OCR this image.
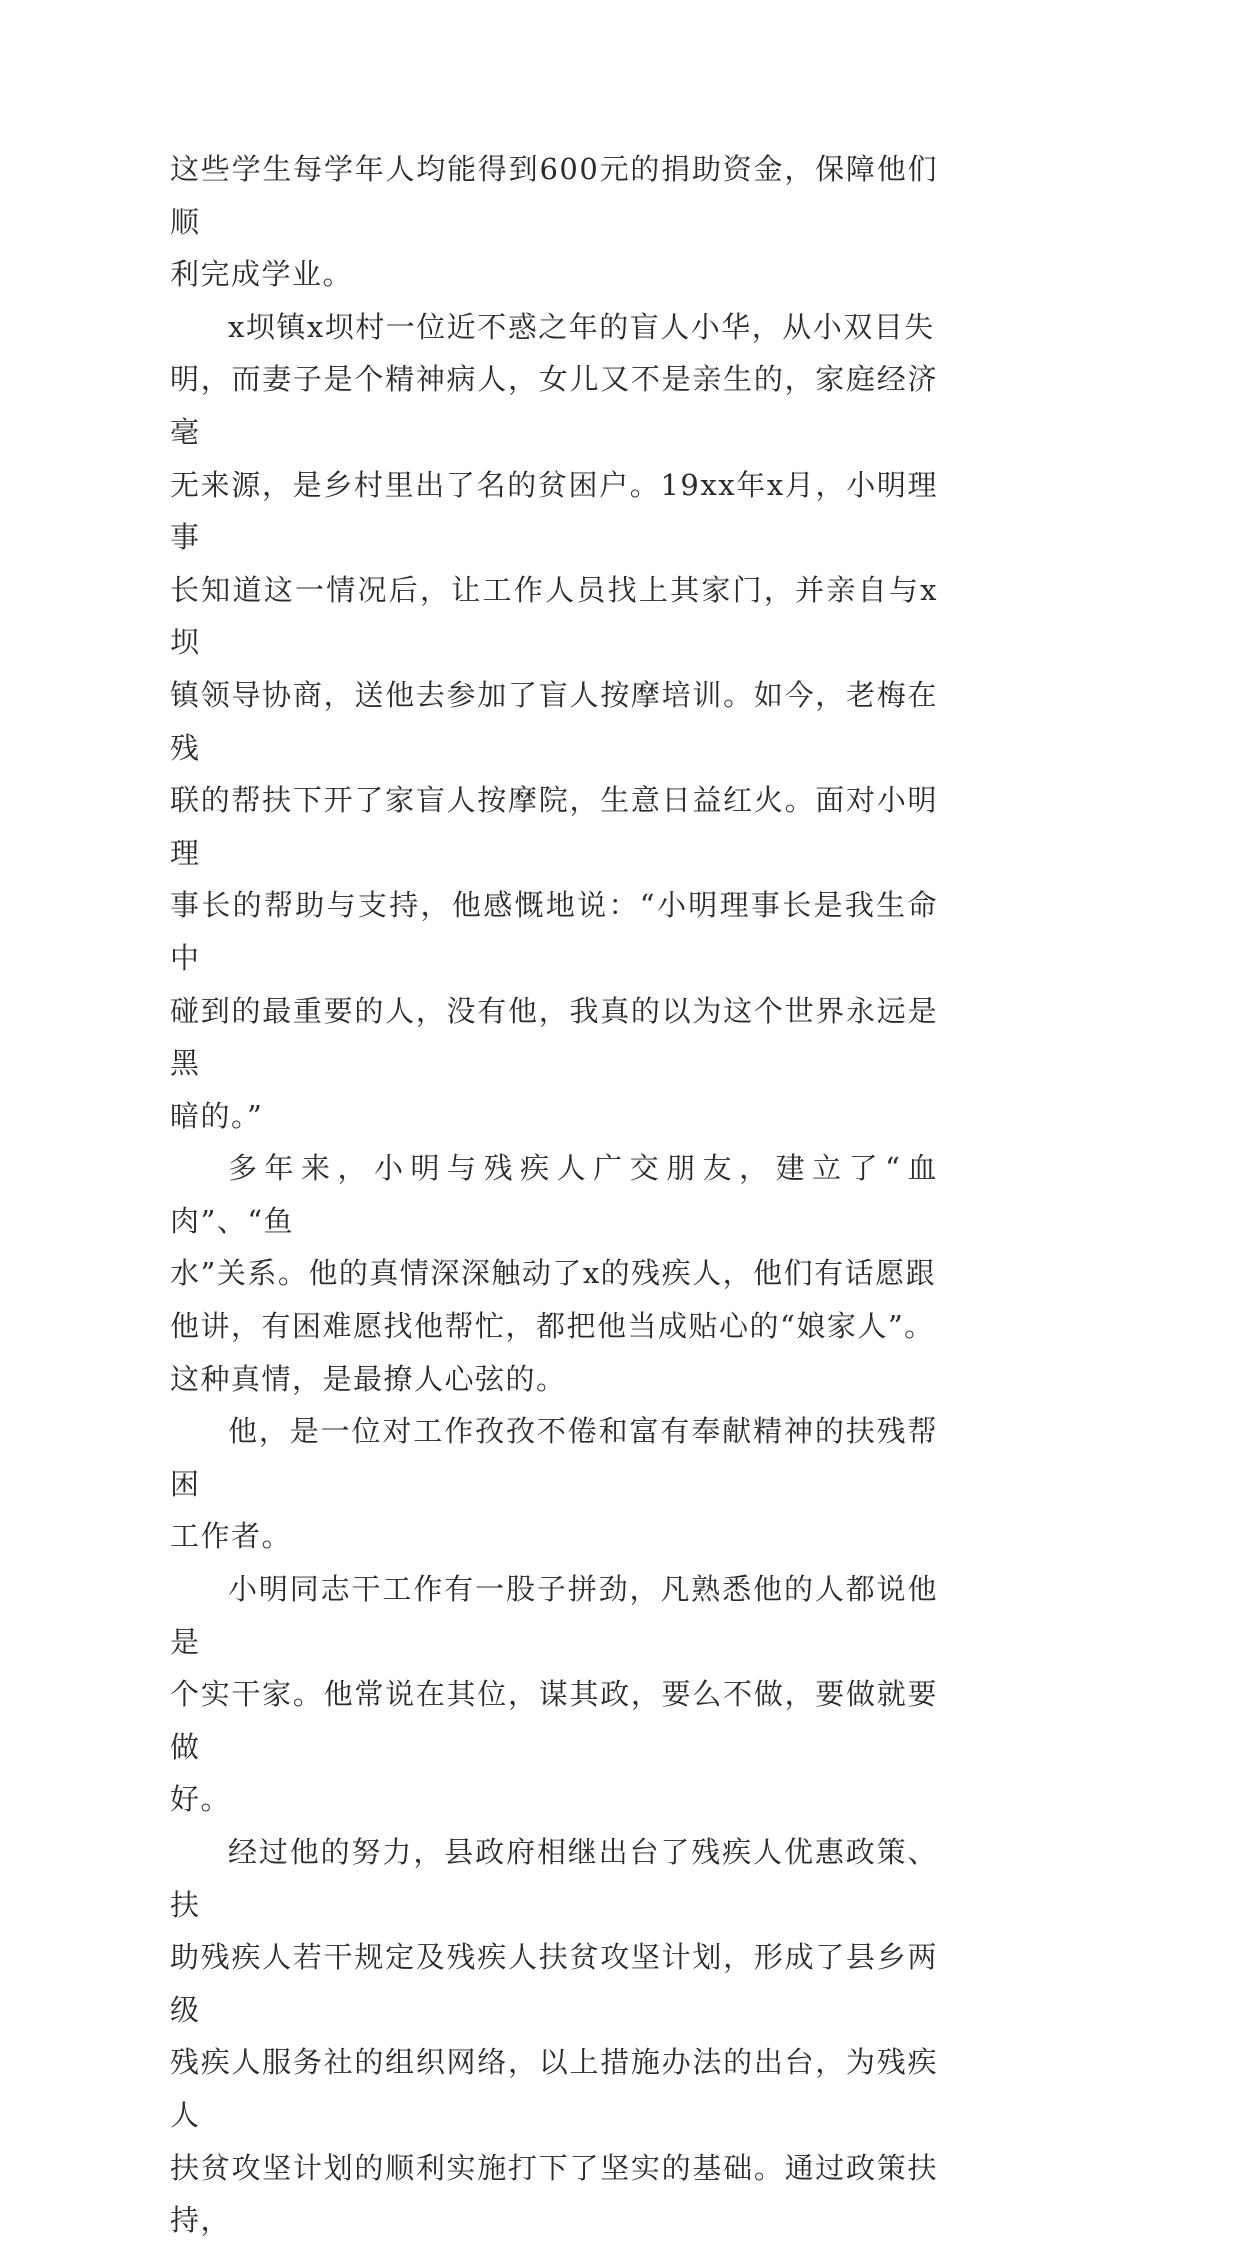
这些学生每学年人均能得到600元的捐助资金，保障他们顺
利完成学业。

x坝镇x坝村一位近不惑之年的盲人小华，从小双目失
明，而妻子是个精神病人，女儿又不是亲生的，家庭经济毫
无来源，是乡村里出了名的贫困户。19xx年x月，小明理事
长知道这一情况后，让工作人员找上其家门，并亲自与x坝
镇领导协商，送他去参加了盲人按摩培训。如今，老梅在残
联的帮扶下开了家盲人按摩院，生意日益红火。面对小明理
事长的帮助与支持，他感慨地说：“小明理事长是我生命中
碰到的最重要的人，没有他，我真的以为这个世界永远是黑
暗的。”

多年来，小明与残疾人广交朋友，建立了“血肉”、“鱼
水”关系。他的真情深深触动了x的残疾人，他们有话愿跟
他讲，有困难愿找他帮忙，都把他当成贴心的“娘家人”。
这种真情，是最撩人心弦的。

他，是一位对工作孜孜不倦和富有奉献精神的扶残帮困
工作者。

小明同志干工作有一股子拼劲，凡熟悉他的人都说他是
个实干家。他常说在其位，谋其政，要么不做，要做就要做
好。

经过他的努力，县政府相继出台了残疾人优惠政策、扶
助残疾人若干规定及残疾人扶贫攻坚计划，形成了县乡两级
残疾人服务社的组织网络，以上措施办法的出台，为残疾人
扶贫攻坚计划的顺利实施打下了坚实的基础。通过政策扶持，
